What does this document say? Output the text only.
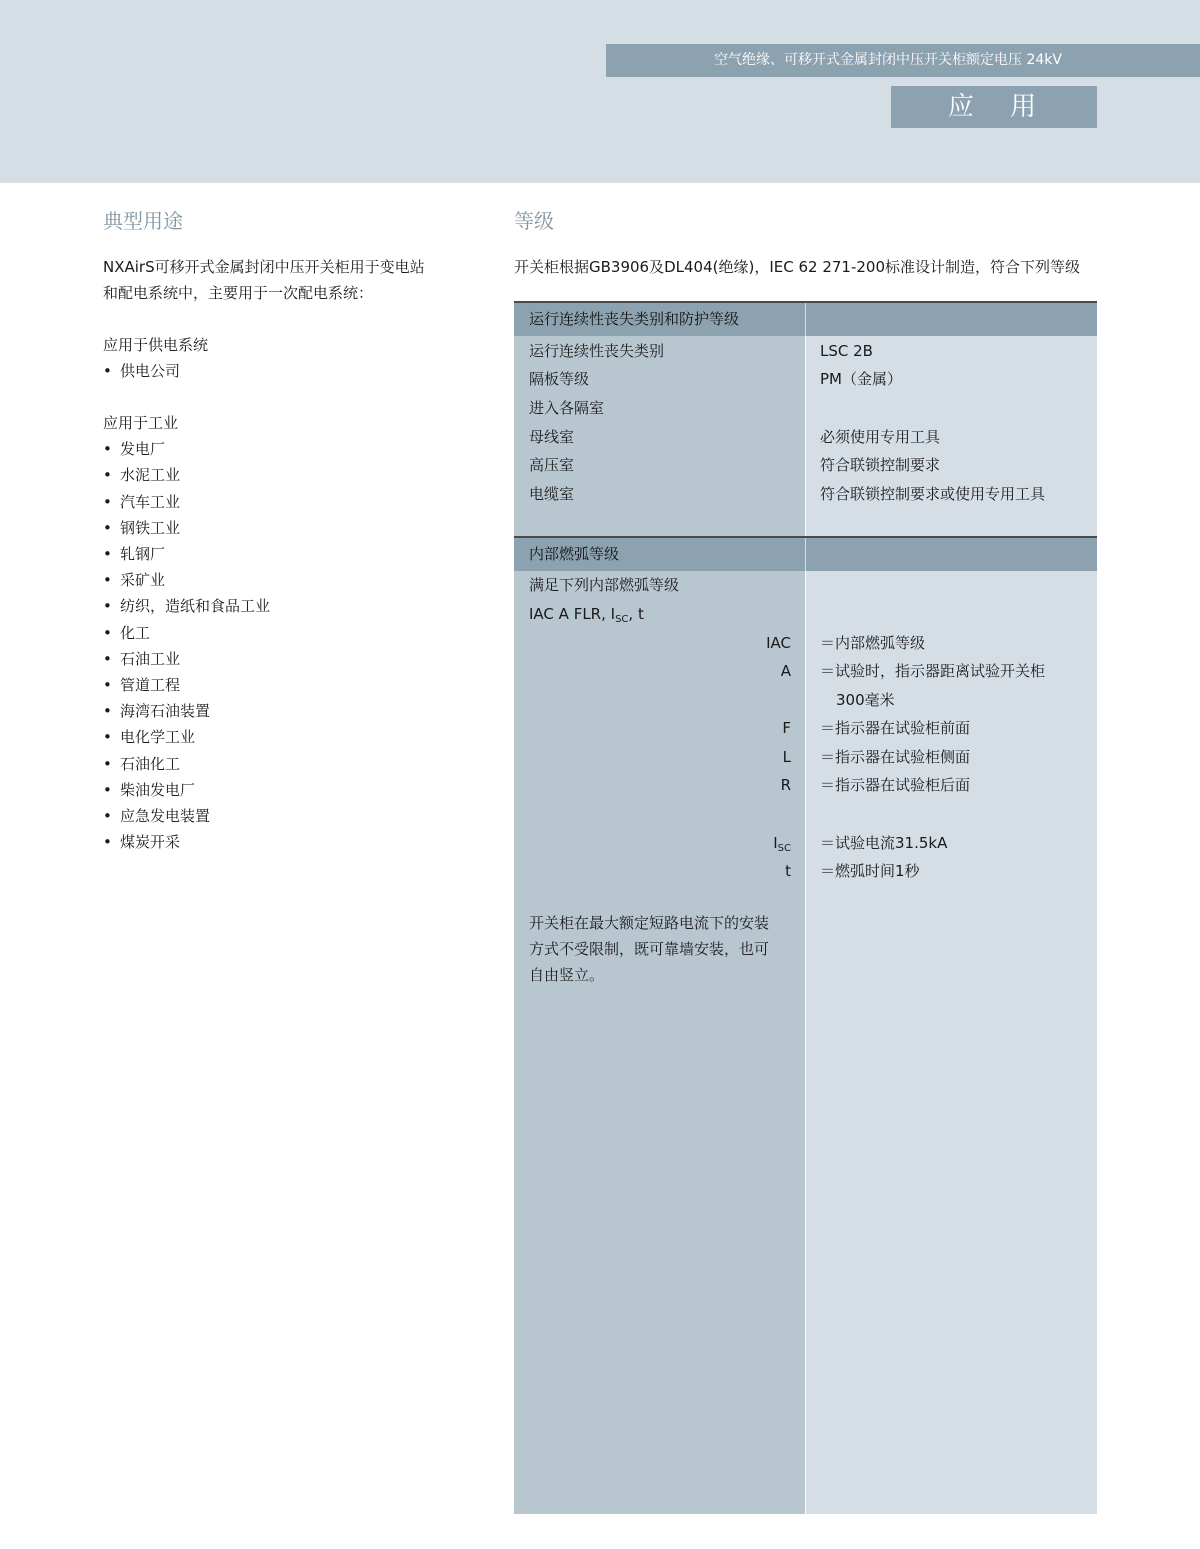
空气绝缘、可移开式金属封闭中压开关柜额定电压 24kV
应 用
典型用途
NXAirS可移开式金属封闭中压开关柜用于变电站
和配电系统中，主要用于一次配电系统：
应用于供电系统
• 供电公司
应用于工业
• 发电厂
• 水泥工业
• 汽车工业
• 钢铁工业
• 轧钢厂
• 采矿业
• 纺织，造纸和食品工业
• 化工
• 石油工业
• 管道工程
• 海湾石油装置
• 电化学工业
• 石油化工
• 柴油发电厂
• 应急发电装置
• 煤炭开采
等级
开关柜根据GB3906及DL404(绝缘)，IEC 62 271-200标准设计制造，符合下列等级
运行连续性丧失类别和防护等级
运行连续性丧失类别	LSC 2B
隔板等级	PM（金属）
进入各隔室
母线室	必须使用专用工具
高压室	符合联锁控制要求
电缆室	符合联锁控制要求或使用专用工具
内部燃弧等级
满足下列内部燃弧等级
IAC A FLR, $I_{SC}$, t
IAC ＝内部燃弧等级
A ＝试验时，指示器距离试验开关柜
300毫米
F ＝指示器在试验柜前面
L ＝指示器在试验柜侧面
R ＝指示器在试验柜后面
$I_{SC}$ ＝试验电流31.5kA
t ＝燃弧时间1秒
开关柜在最大额定短路电流下的安装
方式不受限制，既可靠墙安装，也可
自由竖立。
